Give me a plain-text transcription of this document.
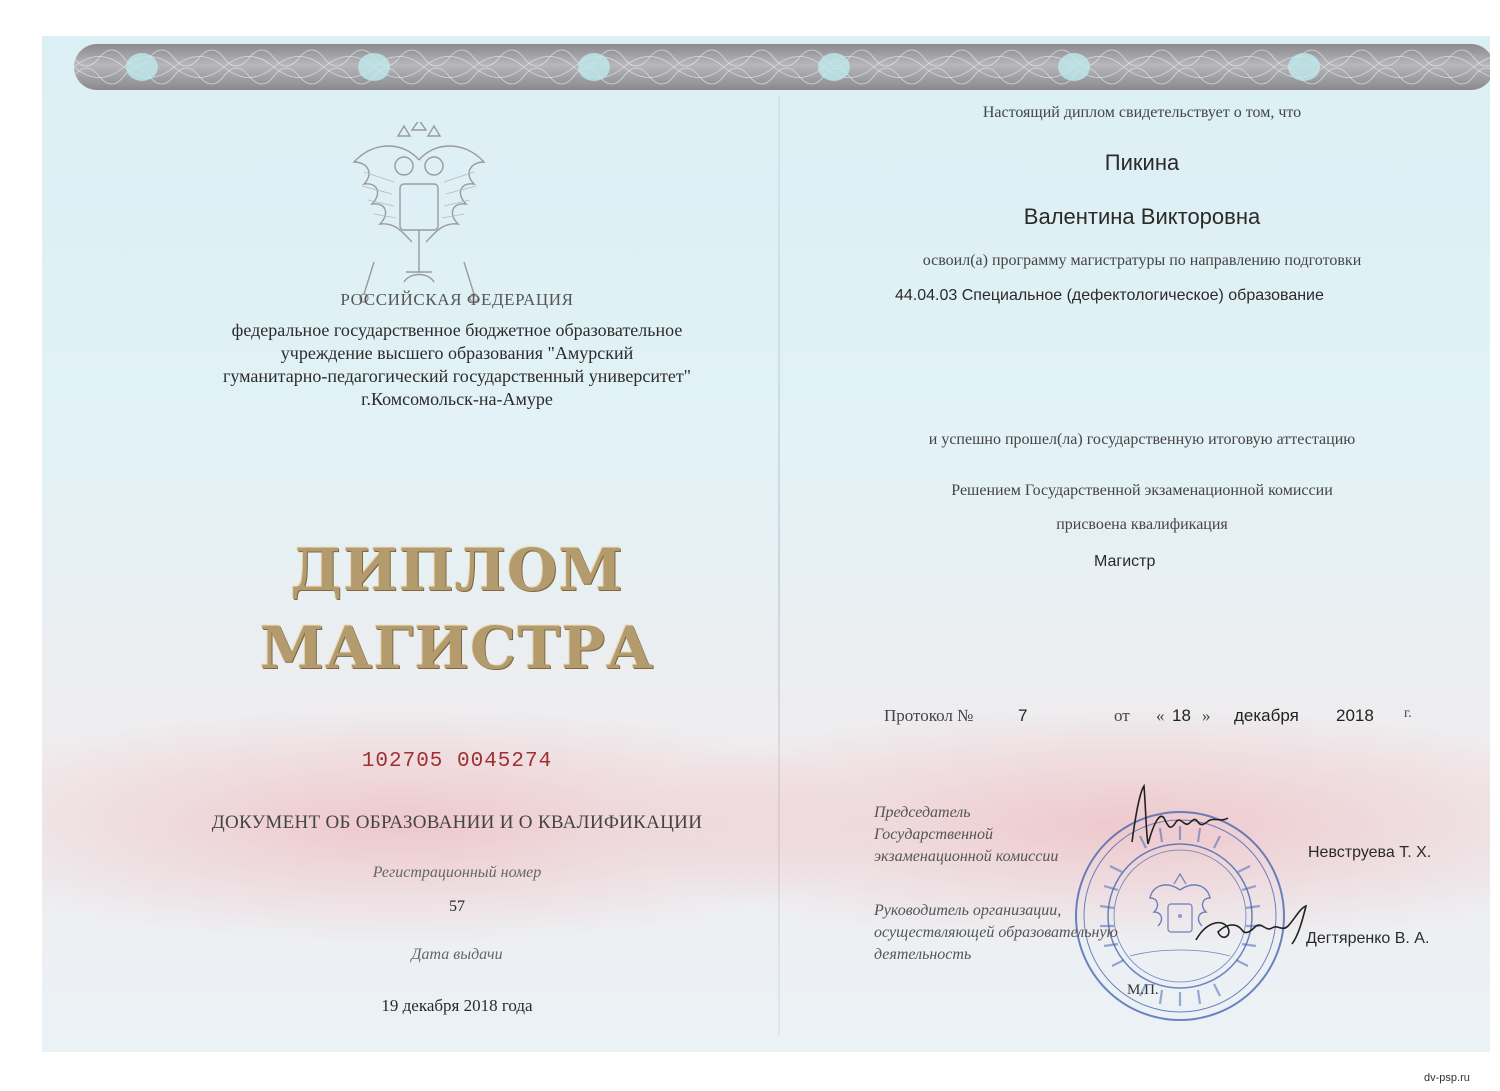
РОССИЙСКАЯ ФЕДЕРАЦИЯ
федеральное государственное бюджетное образовательное
учреждение высшего образования "Амурский
гуманитарно-педагогический государственный университет"
г.Комсомольск-на-Амуре
ДИПЛОМ
МАГИСТРА
102705 0045274
ДОКУМЕНТ ОБ ОБРАЗОВАНИИ И О КВАЛИФИКАЦИИ
Регистрационный номер
57
Дата выдачи
19 декабря 2018 года
Настоящий диплом свидетельствует о том, что
Пикина
Валентина Викторовна
освоил(а) программу магистратуры по направлению подготовки
44.04.03 Специальное (дефектологическое) образование
и успешно прошел(ла) государственную итоговую аттестацию
Решением Государственной экзаменационной комиссии
присвоена квалификация
Магистр
Протокол №	7	от « 18 » декабря 2018 г.
Председатель
Государственной
экзаменационной комиссии	Невструева Т. Х.
Руководитель организации,
осуществляющей образовательную
деятельность
Дегтяренко В. А.
М.П.
dv-psp.ru
